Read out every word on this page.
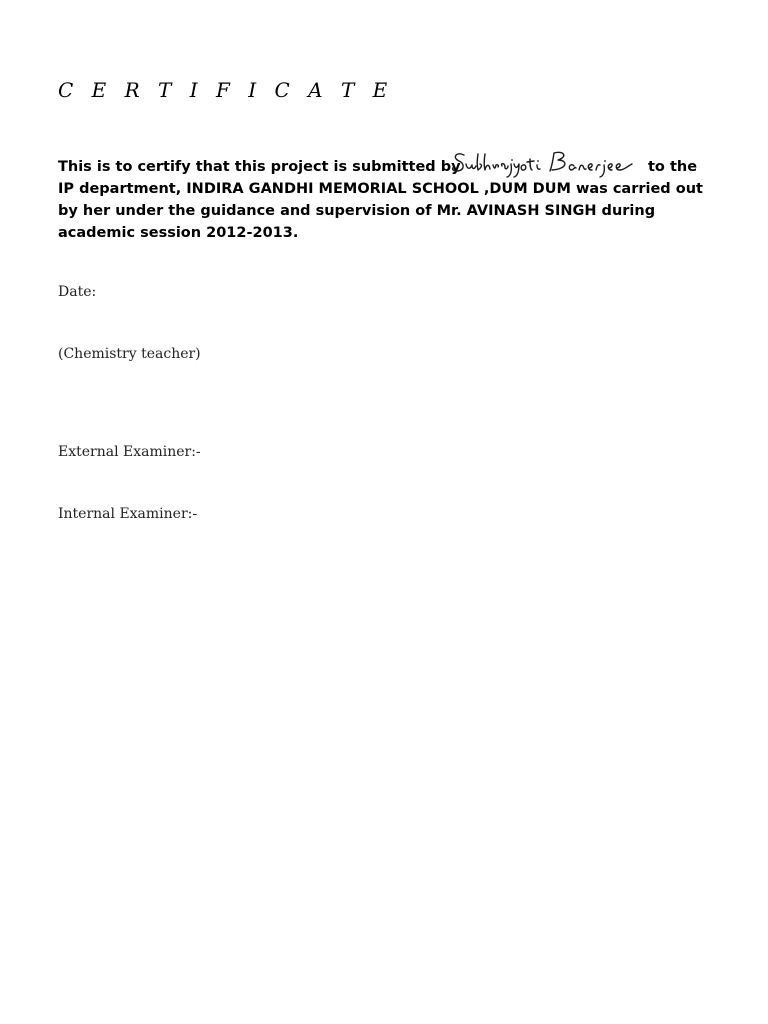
C E R T I F I C A T E
This is to certify that this project is submitted by	to the
IP department, INDIRA GANDHI MEMORIAL SCHOOL ,DUM DUM was carried out
by her under the guidance and supervision of Mr. AVINASH SINGH during
academic session 2012-2013.
Date:
(Chemistry teacher)
External Examiner:-
Internal Examiner:-
